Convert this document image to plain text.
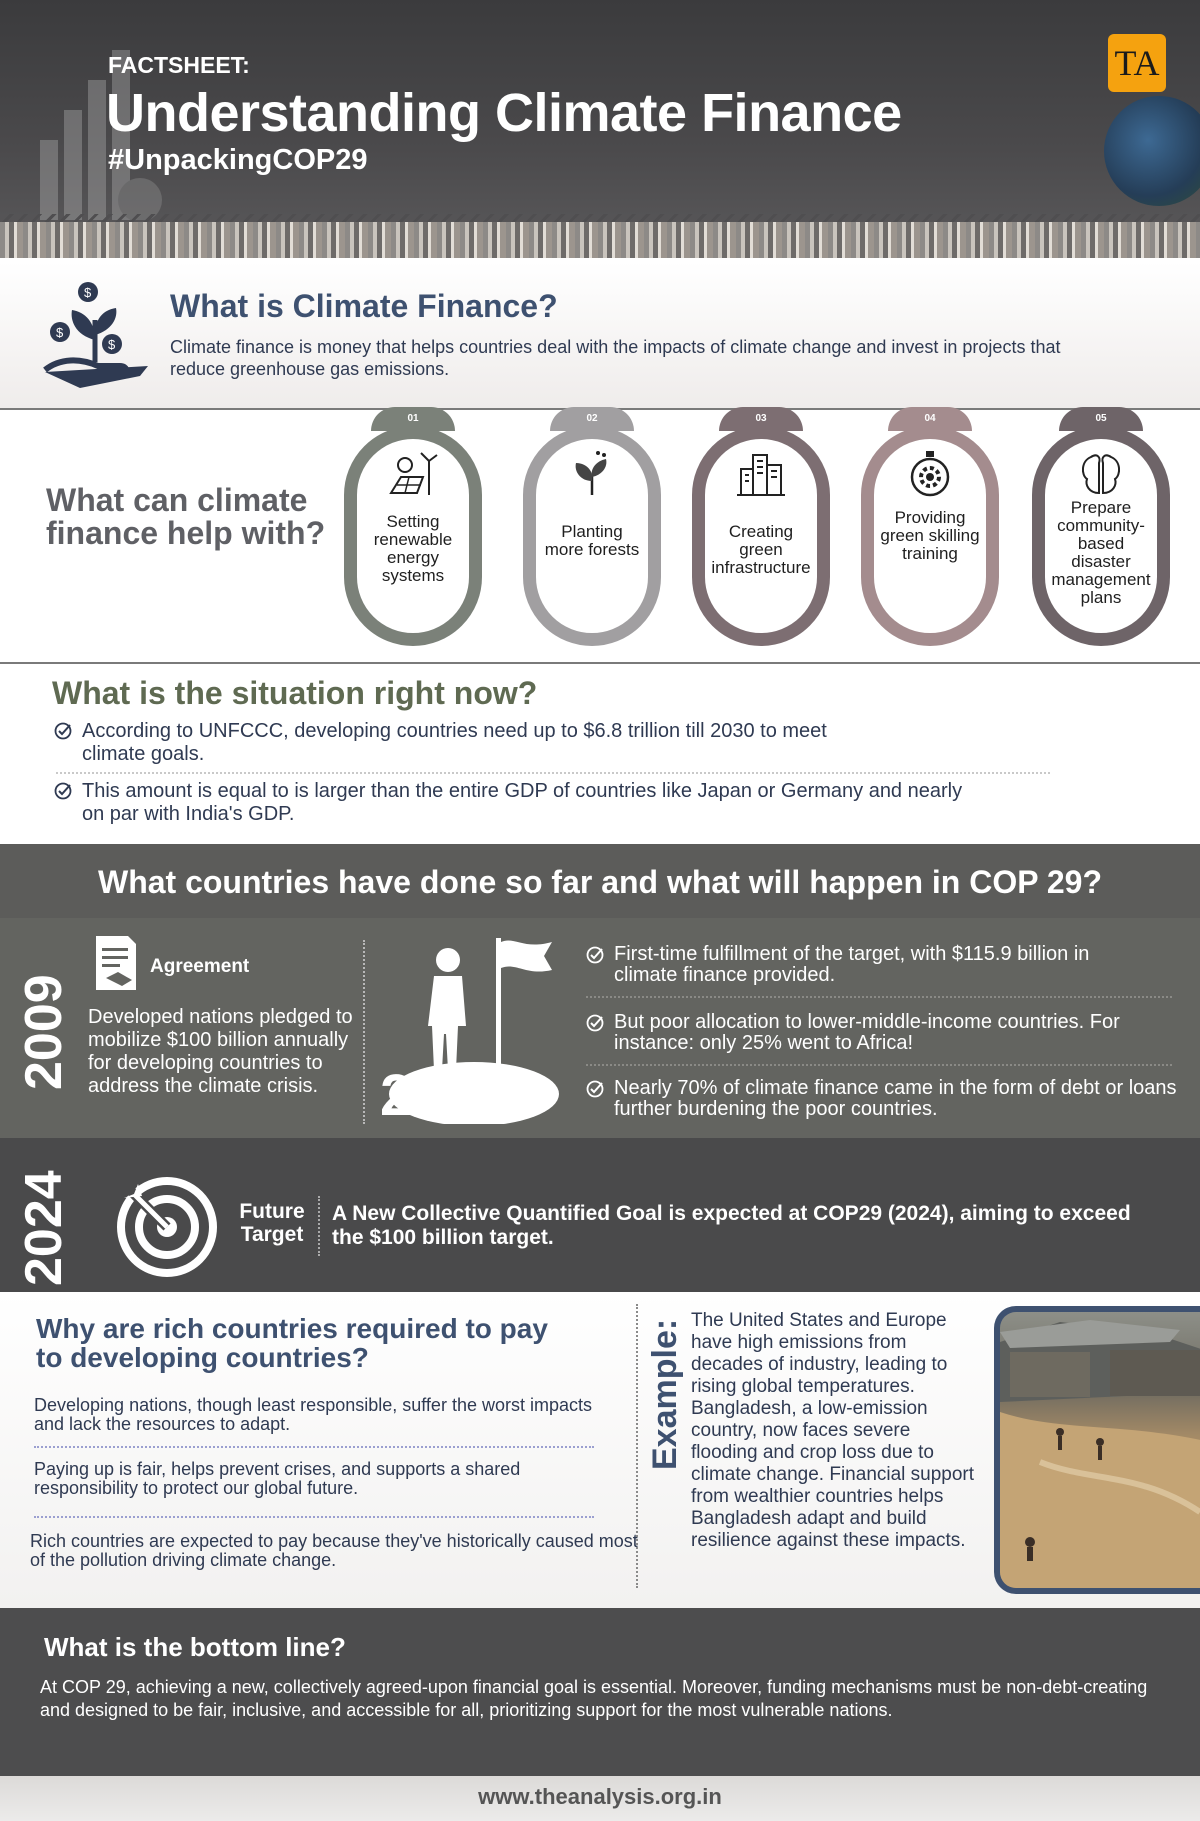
FACTSHEET:
Understanding Climate Finance
#UnpackingCOP29
TA
$
$
$
What is Climate Finance?
Climate finance is money that helps countries deal with the impacts of climate change and invest in projects that reduce greenhouse gas emissions.
What can climate finance help with?
01
Setting renewable energy systems
02
Planting more forests
03
Creating green infrastructure
04
Providing green skilling training
05
Prepare community-based disaster management plans
What is the situation right now?
According to UNFCCC, developing countries need up to $6.8 trillion till 2030 to meet climate goals.
This amount is equal to is larger than the entire GDP of countries like Japan or Germany and nearly on par with India's GDP.
What countries have done so far and what will happen in COP 29?
2009
Agreement
Developed nations pledged to mobilize $100 billion annually for developing countries to address the climate crisis.	2022
First-time fulfillment of the target, with $115.9 billion in climate finance provided.
But poor allocation to lower-middle-income countries. For instance: only 25% went to Africa!
Nearly 70% of climate finance came in the form of debt or loans further burdening the poor countries.
2024	Future Target
A New Collective Quantified Goal is expected at COP29 (2024), aiming to exceed the $100 billion target.
Why are rich countries required to pay to developing countries?
Developing nations, though least responsible, suffer the worst impacts and lack the resources to adapt.
Paying up is fair, helps prevent crises, and supports a shared responsibility to protect our global future.
Rich countries are expected to pay because they've historically caused most of the pollution driving climate change.
Example: The United States and Europe have high emissions from decades of industry, leading to rising global temperatures. Bangladesh, a low-emission country, now faces severe flooding and crop loss due to climate change. Financial support from wealthier countries helps Bangladesh adapt and build resilience against these impacts.
What is the bottom line?
At COP 29, achieving a new, collectively agreed-upon financial goal is essential. Moreover, funding mechanisms must be non-debt-creating and designed to be fair, inclusive, and accessible for all, prioritizing support for the most vulnerable nations.
www.theanalysis.org.in
